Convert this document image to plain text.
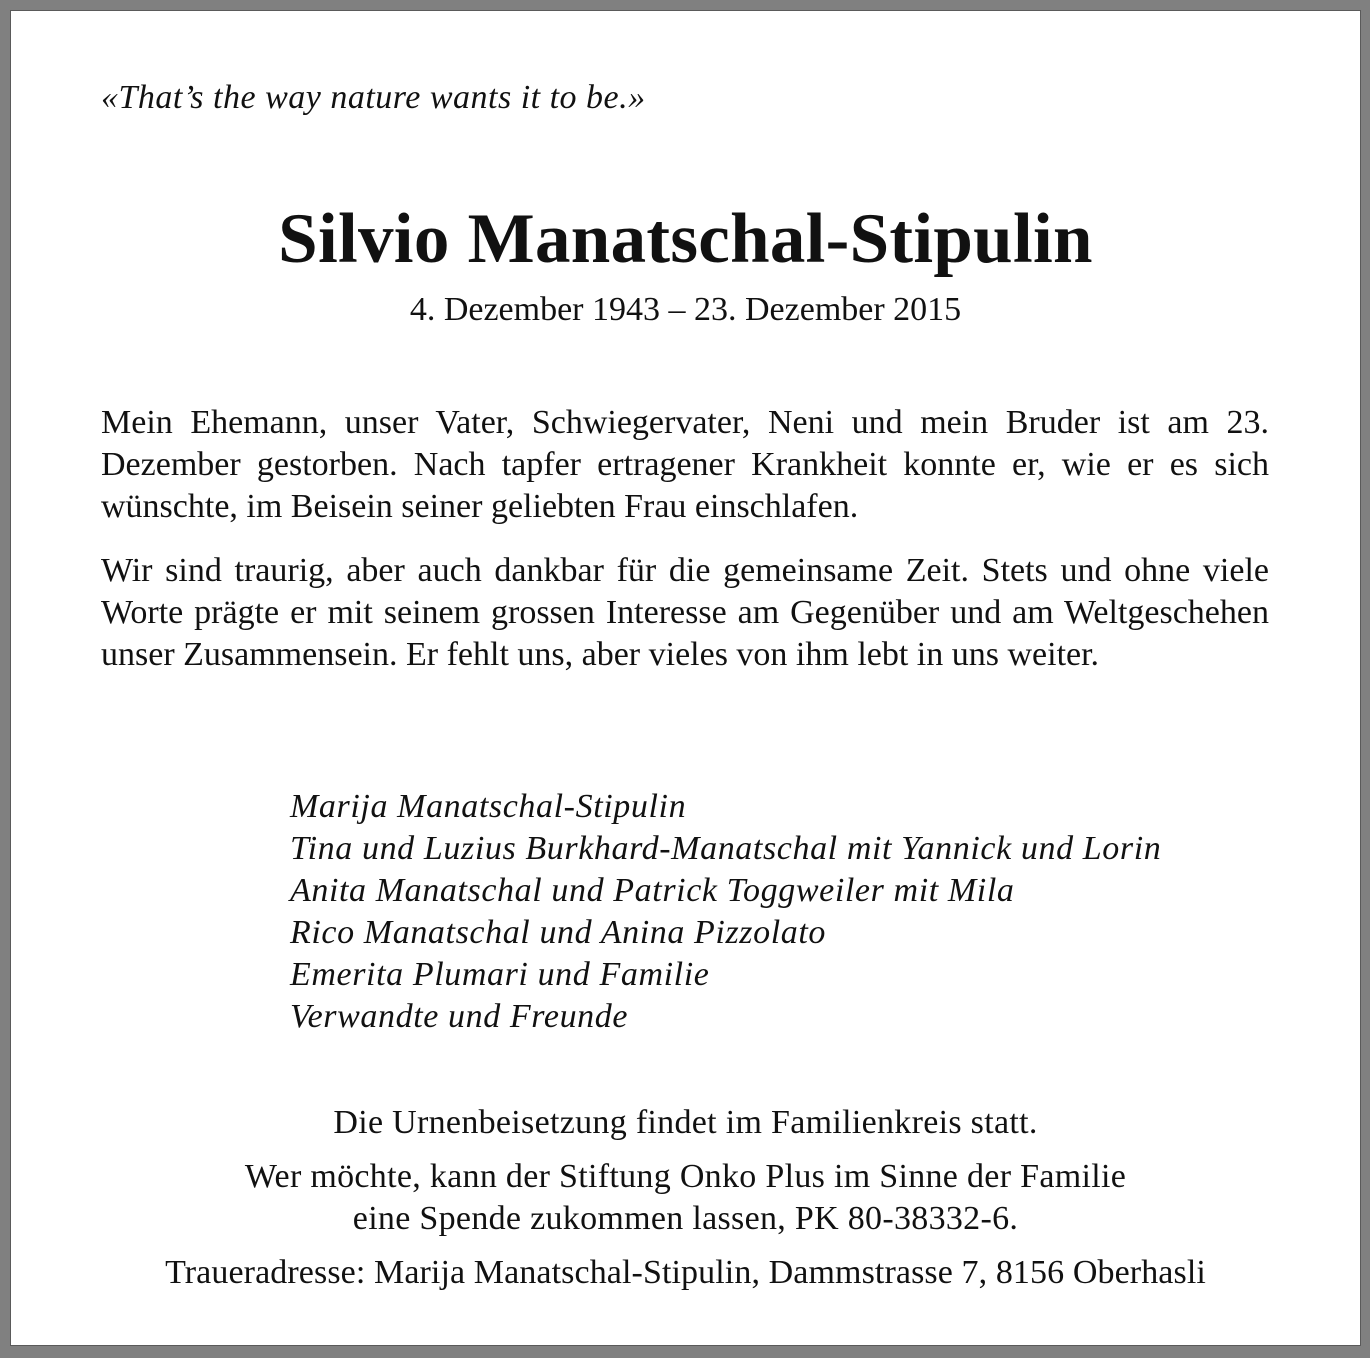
«That’s the way nature wants it to be.»

Silvio Manatschal-Stipulin

4. Dezember 1943 – 23. Dezember 2015

Mein Ehemann, unser Vater, Schwiegervater, Neni und mein Bruder ist am 23. Dezember gestorben. Nach tapfer ertragener Krankheit konnte er, wie er es sich wünschte, im Beisein seiner geliebten Frau einschlafen.

Wir sind traurig, aber auch dankbar für die gemeinsame Zeit. Stets und ohne viele Worte prägte er mit seinem grossen Interesse am Gegenüber und am Weltgeschehen unser Zusammensein. Er fehlt uns, aber vieles von ihm lebt in uns weiter.

Marija Manatschal-Stipulin
Tina und Luzius Burkhard-Manatschal mit Yannick und Lorin
Anita Manatschal und Patrick Toggweiler mit Mila
Rico Manatschal und Anina Pizzolato
Emerita Plumari und Familie
Verwandte und Freunde

Die Urnenbeisetzung findet im Familienkreis statt.

Wer möchte, kann der Stiftung Onko Plus im Sinne der Familie

eine Spende zukommen lassen, PK 80-38332-6.

Traueradresse: Marija Manatschal-Stipulin, Dammstrasse 7, 8156 Oberhasli
